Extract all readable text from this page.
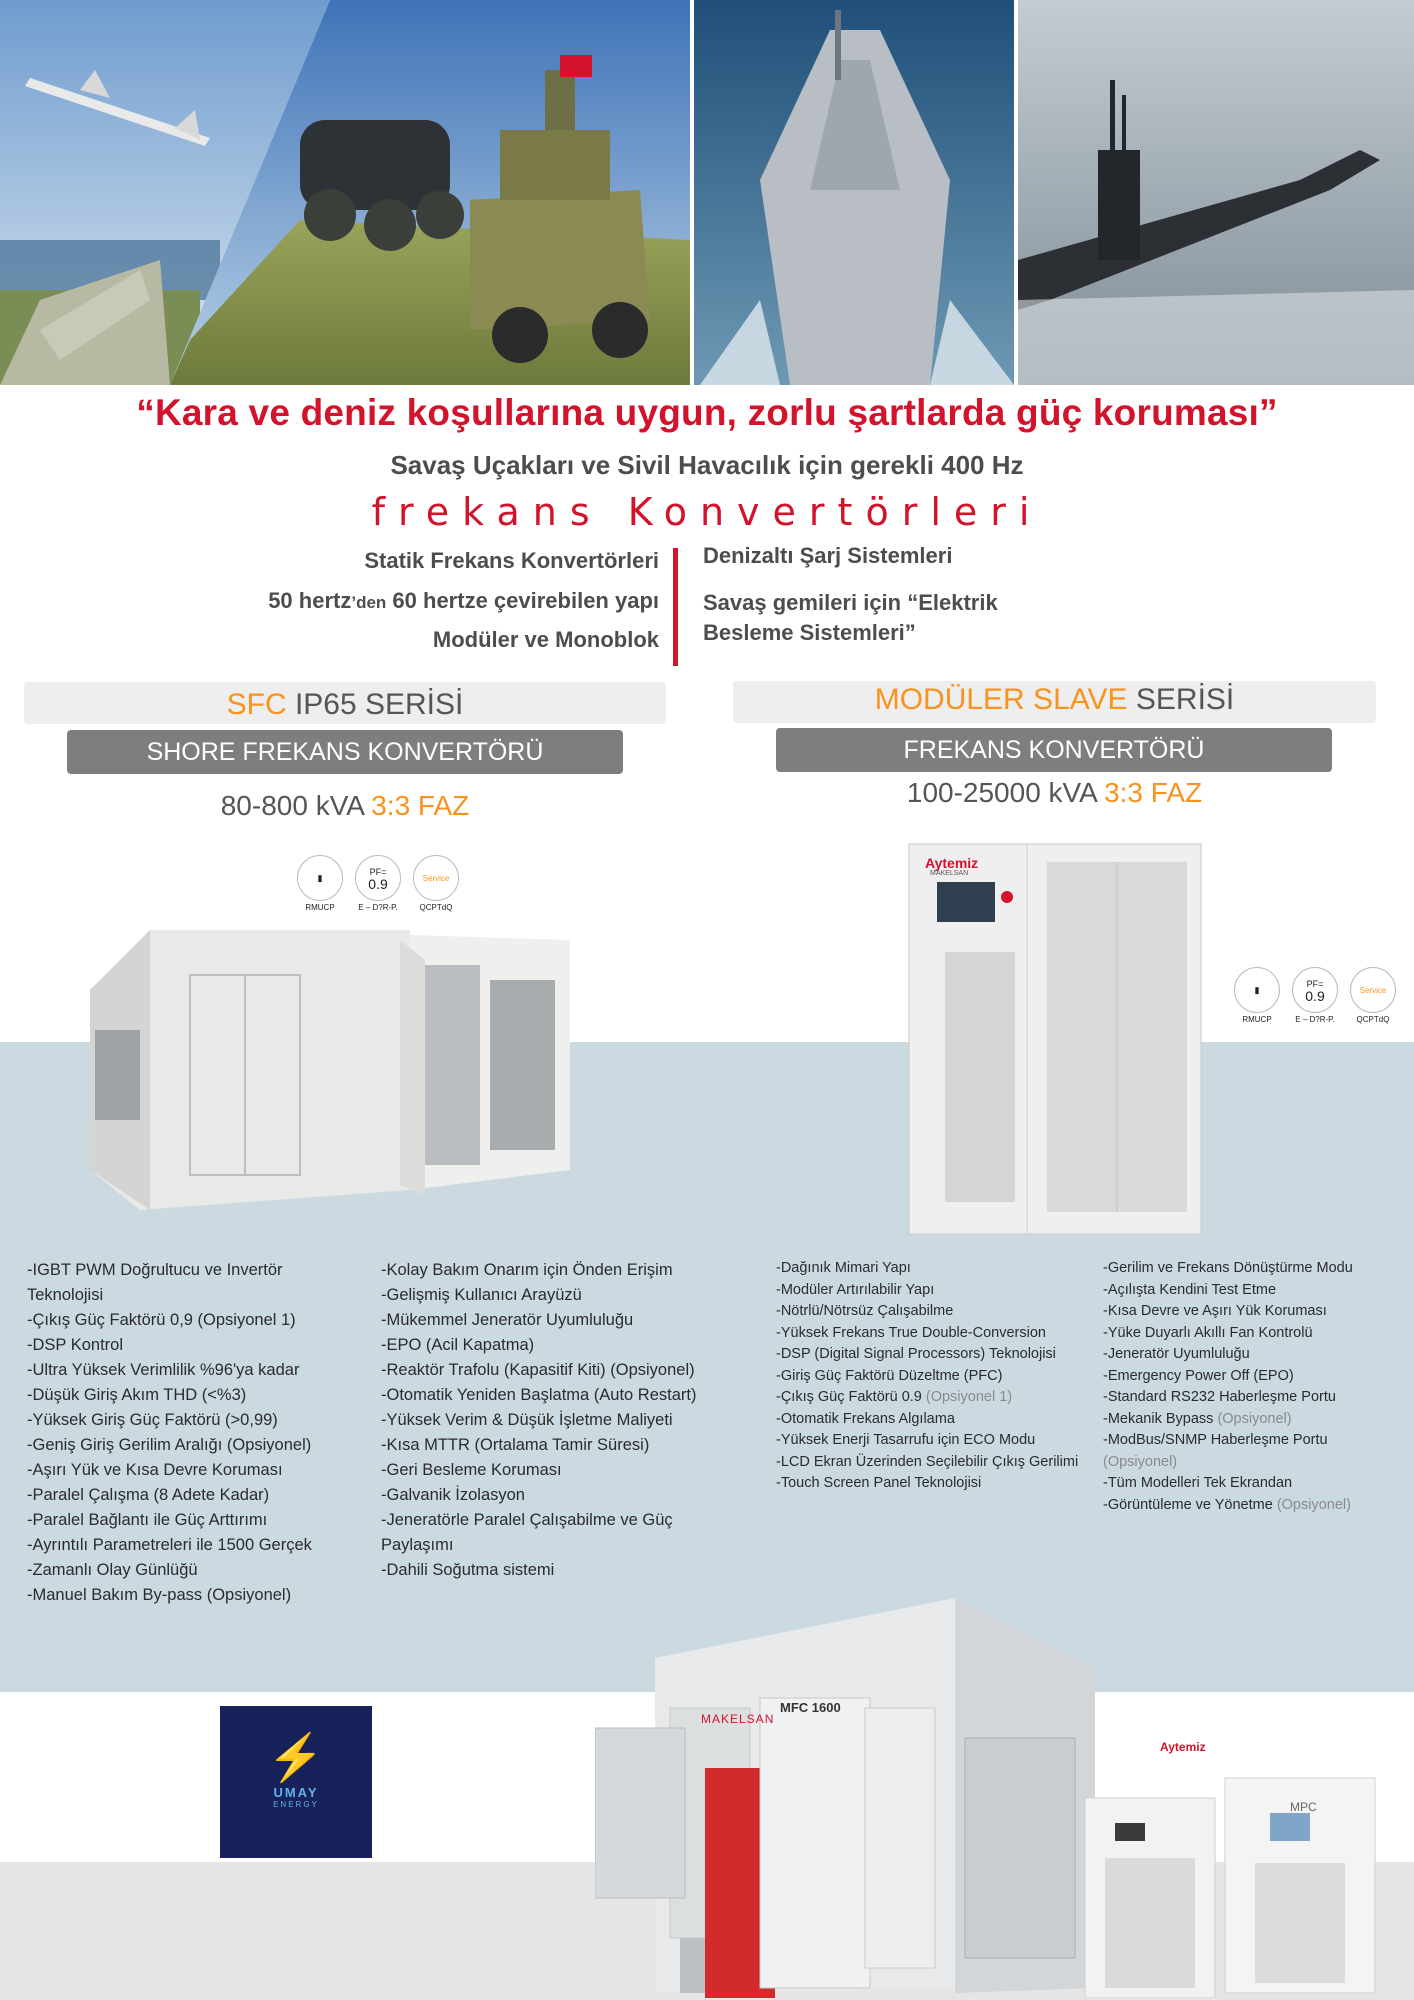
“Kara ve deniz koşullarına uygun, zorlu şartlarda güç koruması”
Savaş Uçakları ve Sivil Havacılık için gerekli 400 Hz
frekans Konvertörleri
Statik Frekans Konvertörleri
50 hertz’den 60 hertze çevirebilen yapı
Modüler ve Monoblok
Denizaltı Şarj Sistemleri
Savaş gemileri için “Elektrik
Besleme Sistemleri”
SFC IP65 SERİSİ
SHORE FREKANS KONVERTÖRÜ
80-800 kVA 3:3 FAZ
MODÜLER SLAVE SERİSİ
FREKANS KONVERTÖRÜ
100-25000 kVA 3:3 FAZ
▮
RMUCP
PF=
0.9
E – D?R-P.
Service
QCPTdQ
▮
RMUCP
PF=
0.9
E – D?R-P.
Service
QCPTdQ
Aytemiz
MAKELSAN
-IGBT PWM Doğrultucu ve Invertör Teknolojisi
-Çıkış Güç Faktörü 0,9 (Opsiyonel 1)
-DSP Kontrol
-Ultra Yüksek Verimlilik %96'ya kadar
-Düşük Giriş Akım THD (<%3)
-Yüksek Giriş Güç Faktörü (>0,99)
-Geniş Giriş Gerilim Aralığı (Opsiyonel)
-Aşırı Yük ve Kısa Devre Koruması
-Paralel Çalışma (8 Adete Kadar)
-Paralel Bağlantı ile Güç Arttırımı
-Ayrıntılı Parametreleri ile 1500 Gerçek
-Zamanlı Olay Günlüğü
-Manuel Bakım By-pass (Opsiyonel)
-Kolay Bakım Onarım için Önden Erişim
-Gelişmiş Kullanıcı Arayüzü
-Mükemmel Jeneratör Uyumluluğu
-EPO (Acil Kapatma)
-Reaktör Trafolu (Kapasitif Kiti) (Opsiyonel)
-Otomatik Yeniden Başlatma (Auto Restart)
-Yüksek Verim & Düşük İşletme Maliyeti
-Kısa MTTR (Ortalama Tamir Süresi)
-Geri Besleme Koruması
-Galvanik İzolasyon
-Jeneratörle Paralel Çalışabilme ve Güç Paylaşımı
-Dahili Soğutma sistemi
-Dağınık Mimari Yapı
-Modüler Artırılabilir Yapı
-Nötrlü/Nötrsüz Çalışabilme
-Yüksek Frekans True Double-Conversion
-DSP (Digital Signal Processors) Teknolojisi
-Giriş Güç Faktörü Düzeltme (PFC)
-Çıkış Güç Faktörü 0.9 (Opsiyonel 1)
-Otomatik Frekans Algılama
-Yüksek Enerji Tasarrufu için ECO Modu
-LCD Ekran Üzerinden Seçilebilir Çıkış Gerilimi
-Touch Screen Panel Teknolojisi
-Gerilim ve Frekans Dönüştürme Modu
-Açılışta Kendini Test Etme
-Kısa Devre ve Aşırı Yük Koruması
-Yüke Duyarlı Akıllı Fan Kontrolü
-Jeneratör Uyumluluğu
-Emergency Power Off (EPO)
-Standard RS232 Haberleşme Portu
-Mekanik Bypass (Opsiyonel)
-ModBus/SNMP Haberleşme Portu (Opsiyonel)
-Tüm Modelleri Tek Ekrandan
-Görüntüleme ve Yönetme (Opsiyonel)
⚡
UMAY
ENERGY
MAKELSAN
MFC 1600
Aytemiz
MPC
